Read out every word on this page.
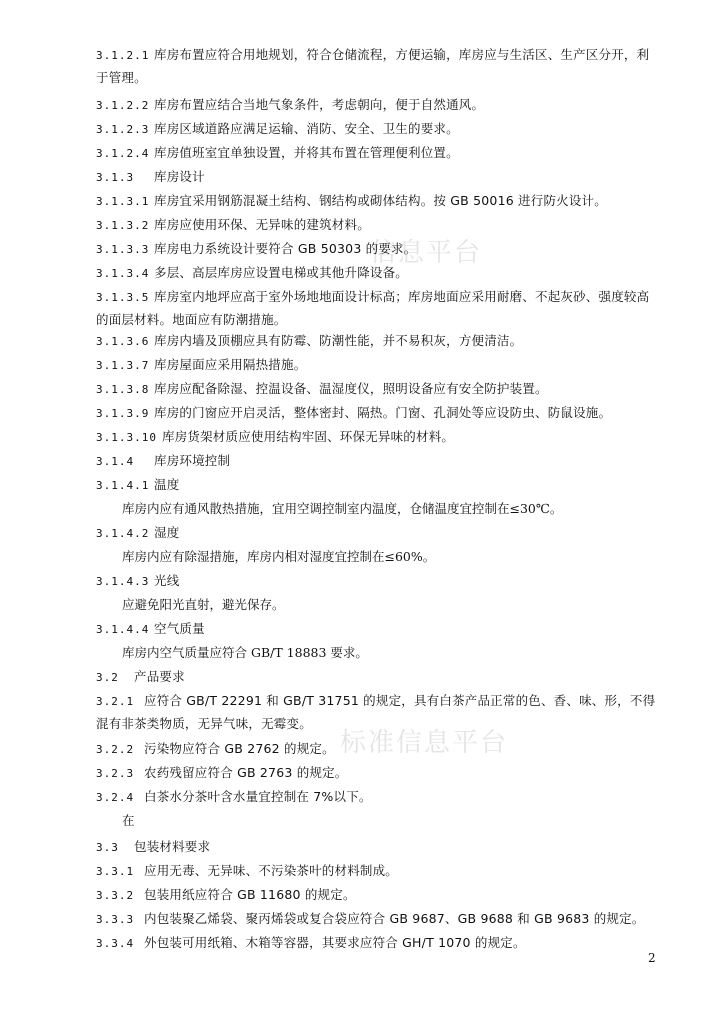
信息平台
标准信息平台
3.1.2.1 库房布置应符合用地规划，符合仓储流程，方便运输，库房应与生活区、生产区分开，利于管理。
3.1.2.2 库房布置应结合当地气象条件，考虑朝向，便于自然通风。
3.1.2.3 库房区域道路应满足运输、消防、安全、卫生的要求。
3.1.2.4 库房值班室宜单独设置，并将其布置在管理便利位置。
3.1.3 库房设计
3.1.3.1 库房宜采用钢筋混凝土结构、钢结构或砌体结构。按 GB 50016 进行防火设计。
3.1.3.2 库房应使用环保、无异味的建筑材料。
3.1.3.3 库房电力系统设计要符合 GB 50303 的要求。
3.1.3.4 多层、高层库房应设置电梯或其他升降设备。
3.1.3.5 库房室内地坪应高于室外场地地面设计标高；库房地面应采用耐磨、不起灰砂、强度较高的面层材料。地面应有防潮措施。
3.1.3.6 库房内墙及顶棚应具有防霉、防潮性能，并不易积灰，方便清洁。
3.1.3.7 库房屋面应采用隔热措施。
3.1.3.8 库房应配备除湿、控温设备、温湿度仪，照明设备应有安全防护装置。
3.1.3.9 库房的门窗应开启灵活，整体密封、隔热。门窗、孔洞处等应设防虫、防鼠设施。
3.1.3.10 库房货架材质应使用结构牢固、环保无异味的材料。
3.1.4 库房环境控制
3.1.4.1 温度
库房内应有通风散热措施，宜用空调控制室内温度，仓储温度宜控制在≤30℃。
3.1.4.2 湿度
库房内应有除湿措施，库房内相对湿度宜控制在≤60%。
3.1.4.3 光线
应避免阳光直射，避光保存。
3.1.4.4 空气质量
库房内空气质量应符合 GB/T 18883 要求。
3.2 产品要求
3.2.1 应符合 GB/T 22291 和 GB/T 31751 的规定，具有白茶产品正常的色、香、味、形，不得混有非茶类物质，无异气味，无霉变。
3.2.2 污染物应符合 GB 2762 的规定。
3.2.3 农药残留应符合 GB 2763 的规定。
3.2.4 白茶水分茶叶含水量宜控制在 7%以下。
在
3.3 包装材料要求
3.3.1 应用无毒、无异味、不污染茶叶的材料制成。
3.3.2 包装用纸应符合 GB 11680 的规定。
3.3.3 内包装聚乙烯袋、聚丙烯袋或复合袋应符合 GB 9687、GB 9688 和 GB 9683 的规定。
3.3.4 外包装可用纸箱、木箱等容器，其要求应符合 GH/T 1070 的规定。
2
